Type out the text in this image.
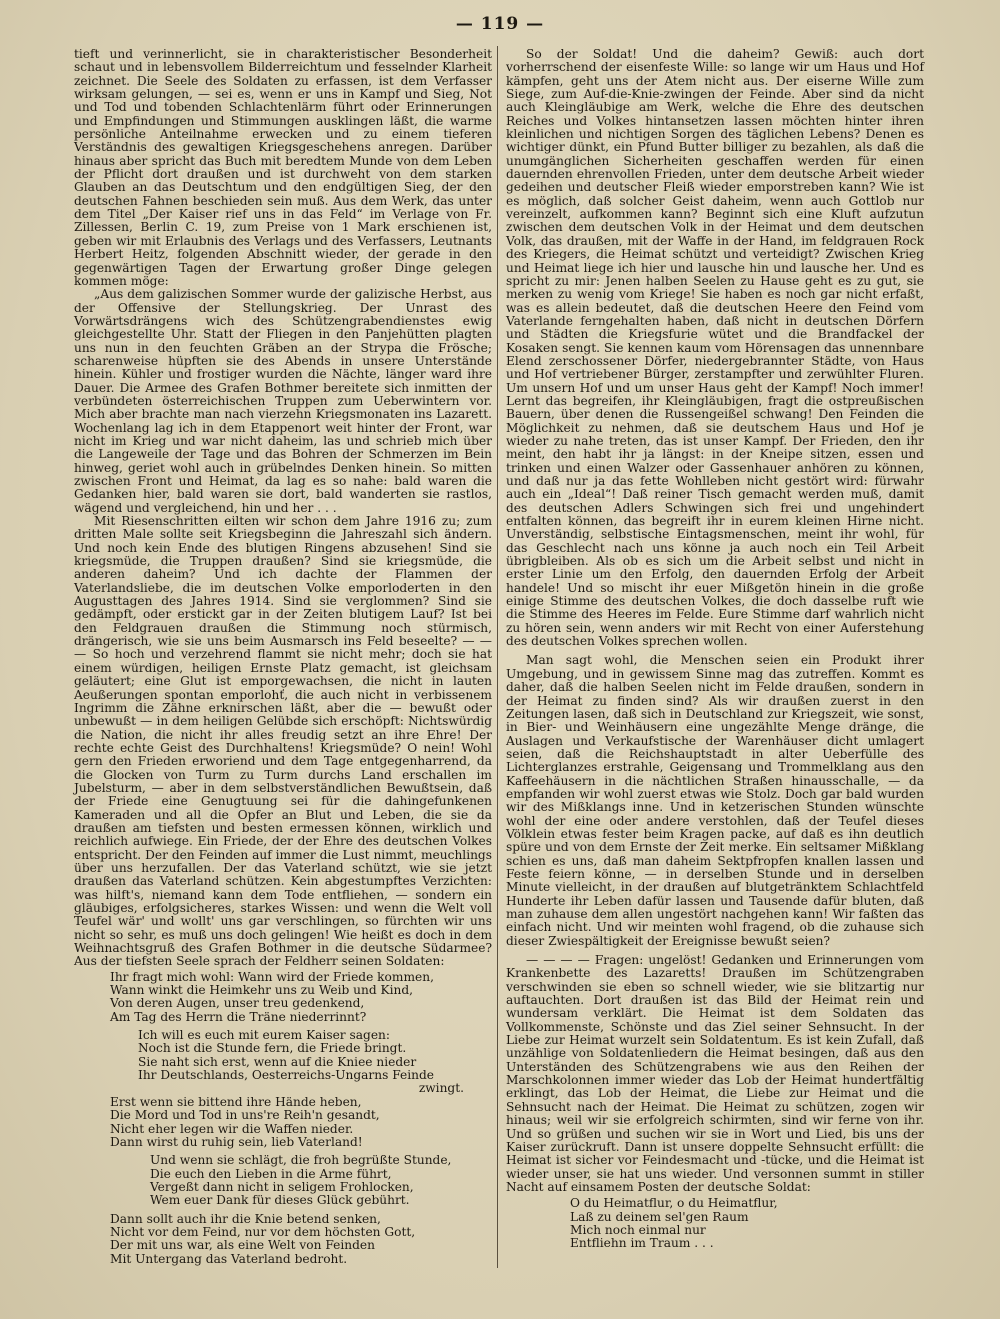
— 119 —

tieft und verinnerlicht, sie in charakteristischer Besonderheit schaut und in lebensvollem Bilderreichtum und fesselnder Klarheit zeichnet. Die Seele des Soldaten zu erfassen, ist dem Verfasser wirksam gelungen, — sei es, wenn er uns in Kampf und Sieg, Not und Tod und tobenden Schlachtenlärm führt oder Erinnerungen und Empfindungen und Stimmungen ausklingen läßt, die warme persönliche Anteilnahme erwecken und zu einem tieferen Verständnis des gewaltigen Kriegsgeschehens anregen. Darüber hinaus aber spricht das Buch mit beredtem Munde von dem Leben der Pflicht dort draußen und ist durchweht von dem starken Glauben an das Deutschtum und den endgültigen Sieg, der den deutschen Fahnen beschieden sein muß. Aus dem Werk, das unter dem Titel „Der Kaiser rief uns in das Feld“ im Verlage von Fr. Zillessen, Berlin C. 19, zum Preise von 1 Mark erschienen ist, geben wir mit Erlaubnis des Verlags und des Verfassers, Leutnants Herbert Heitz, folgenden Abschnitt wieder, der gerade in den gegenwärtigen Tagen der Erwartung großer Dinge gelegen kommen möge:

„Aus dem galizischen Sommer wurde der galizische Herbst, aus der Offensive der Stellungskrieg. Der Unrast des Vorwärtsdrängens wich des Schützengrabendienstes ewig gleichgestellte Uhr. Statt der Fliegen in den Panjehütten plagten uns nun in den feuchten Gräben an der Strypa die Frösche; scharenweise hüpften sie des Abends in unsere Unterstände hinein. Kühler und frostiger wurden die Nächte, länger ward ihre Dauer. Die Armee des Grafen Bothmer bereitete sich inmitten der verbündeten österreichischen Truppen zum Ueberwintern vor. Mich aber brachte man nach vierzehn Kriegsmonaten ins Lazarett. Wochenlang lag ich in dem Etappenort weit hinter der Front, war nicht im Krieg und war nicht daheim, las und schrieb mich über die Langeweile der Tage und das Bohren der Schmerzen im Bein hinweg, geriet wohl auch in grübelndes Denken hinein. So mitten zwischen Front und Heimat, da lag es so nahe: bald waren die Gedanken hier, bald waren sie dort, bald wanderten sie rastlos, wägend und vergleichend, hin und her . . .

Mit Riesenschritten eilten wir schon dem Jahre 1916 zu; zum dritten Male sollte seit Kriegsbeginn die Jahreszahl sich ändern. Und noch kein Ende des blutigen Ringens abzusehen! Sind sie kriegsmüde, die Truppen draußen? Sind sie kriegsmüde, die anderen daheim? Und ich dachte der Flammen der Vaterlandsliebe, die im deutschen Volke emporloderten in den Augusttagen des Jahres 1914. Sind sie verglommen? Sind sie gedämpft, oder erstickt gar in der Zeiten blutigem Lauf? Ist bei den Feldgrauen draußen die Stimmung noch stürmisch, drängerisch, wie sie uns beim Ausmarsch ins Feld beseelte? — — — So hoch und verzehrend flammt sie nicht mehr; doch sie hat einem würdigen, heiligen Ernste Platz gemacht, ist gleichsam geläutert; eine Glut ist emporgewachsen, die nicht in lauten Aeußerungen spontan emporlohť, die auch nicht in verbissenem Ingrimm die Zähne erknirschen läßt, aber die — bewußt oder unbewußt — in dem heiligen Gelübde sich erschöpft: Nichtswürdig die Nation, die nicht ihr alles freudig setzt an ihre Ehre! Der rechte echte Geist des Durchhaltens! Kriegsmüde? O nein! Wohl gern den Frieden erworiend und dem Tage entgegenharrend, da die Glocken von Turm zu Turm durchs Land erschallen im Jubelsturm, — aber in dem selbstverständlichen Bewußtsein, daß der Friede eine Genugtuung sei für die dahingefunkenen Kameraden und all die Opfer an Blut und Leben, die sie da draußen am tiefsten und besten ermessen können, wirklich und reichlich aufwiege. Ein Friede, der der Ehre des deutschen Volkes entspricht. Der den Feinden auf immer die Lust nimmt, meuchlings über uns herzufallen. Der das Vaterland schützt, wie sie jetzt draußen das Vaterland schützen. Kein abgestumpftes Verzichten: was hilft's, niemand kann dem Tode entfliehen, — sondern ein gläubiges, erfolgsicheres, starkes Wissen: und wenn die Welt voll Teufel wär' und wollt' uns gar verschlingen, so fürchten wir uns nicht so sehr, es muß uns doch gelingen! Wie heißt es doch in dem Weihnachtsgruß des Grafen Bothmer in die deutsche Südarmee? Aus der tiefsten Seele sprach der Feldherr seinen Soldaten:

Ihr fragt mich wohl: Wann wird der Friede kommen,
Wann winkt die Heimkehr uns zu Weib und Kind,
Von deren Augen, unser treu gedenkend,
Am Tag des Herrn die Träne niederrinnt?
Ich will es euch mit eurem Kaiser sagen:
Noch ist die Stunde fern, die Friede bringt.
Sie naht sich erst, wenn auf die Kniee nieder
Ihr Deutschlands, Oesterreichs-Ungarns Feinde
zwingt.
Erst wenn sie bittend ihre Hände heben,
Die Mord und Tod in uns're Reih'n gesandt,
Nicht eher legen wir die Waffen nieder.
Dann wirst du ruhig sein, lieb Vaterland!
Und wenn sie schlägt, die froh begrüßte Stunde,
Die euch den Lieben in die Arme führt,
Vergeßt dann nicht in seligem Frohlocken,
Wem euer Dank für dieses Glück gebührt.
Dann sollt auch ihr die Knie betend senken,
Nicht vor dem Feind, nur vor dem höchsten Gott,
Der mit uns war, als eine Welt von Feinden
Mit Untergang das Vaterland bedroht.

So der Soldat! Und die daheim? Gewiß: auch dort vorherrschend der eisenfeste Wille: so lange wir um Haus und Hof kämpfen, geht uns der Atem nicht aus. Der eiserne Wille zum Siege, zum Auf-die-Knie-zwingen der Feinde. Aber sind da nicht auch Kleingläubige am Werk, welche die Ehre des deutschen Reiches und Volkes hintansetzen lassen möchten hinter ihren kleinlichen und nichtigen Sorgen des täglichen Lebens? Denen es wichtiger dünkt, ein Pfund Butter billiger zu bezahlen, als daß die unumgänglichen Sicherheiten geschaffen werden für einen dauernden ehrenvollen Frieden, unter dem deutsche Arbeit wieder gedeihen und deutscher Fleiß wieder emporstreben kann? Wie ist es möglich, daß solcher Geist daheim, wenn auch Gottlob nur vereinzelt, aufkommen kann? Beginnt sich eine Kluft aufzutun zwischen dem deutschen Volk in der Heimat und dem deutschen Volk, das draußen, mit der Waffe in der Hand, im feldgrauen Rock des Kriegers, die Heimat schützt und verteidigt? Zwischen Krieg und Heimat liege ich hier und lausche hin und lausche her. Und es spricht zu mir: Jenen halben Seelen zu Hause geht es zu gut, sie merken zu wenig vom Kriege! Sie haben es noch gar nicht erfaßt, was es allein bedeutet, daß die deutschen Heere den Feind vom Vaterlande ferngehalten haben, daß nicht in deutschen Dörfern und Städten die Kriegsfurie wütet und die Brandfackel der Kosaken sengt. Sie kennen kaum vom Hörensagen das unnennbare Elend zerschossener Dörfer, niedergebrannter Städte, von Haus und Hof vertriebener Bürger, zerstampfter und zerwühlter Fluren. Um unsern Hof und um unser Haus geht der Kampf! Noch immer! Lernt das begreifen, ihr Kleingläubigen, fragt die ostpreußischen Bauern, über denen die Russengeißel schwang! Den Feinden die Möglichkeit zu nehmen, daß sie deutschem Haus und Hof je wieder zu nahe treten, das ist unser Kampf. Der Frieden, den ihr meint, den habt ihr ja längst: in der Kneipe sitzen, essen und trinken und einen Walzer oder Gassenhauer anhören zu können, und daß nur ja das fette Wohlleben nicht gestört wird: fürwahr auch ein „Ideal“! Daß reiner Tisch gemacht werden muß, damit des deutschen Adlers Schwingen sich frei und ungehindert entfalten können, das begreift ihr in eurem kleinen Hirne nicht. Unverständig, selbstische Eintagsmenschen, meint ihr wohl, für das Geschlecht nach uns könne ja auch noch ein Teil Arbeit übrigbleiben. Als ob es sich um die Arbeit selbst und nicht in erster Linie um den Erfolg, den dauernden Erfolg der Arbeit handele! Und so mischt ihr euer Mißgetön hinein in die große einige Stimme des deutschen Volkes, die doch dasselbe ruft wie die Stimme des Heeres im Felde. Eure Stimme darf wahrlich nicht zu hören sein, wenn anders wir mit Recht von einer Auferstehung des deutschen Volkes sprechen wollen.

Man sagt wohl, die Menschen seien ein Produkt ihrer Umgebung, und in gewissem Sinne mag das zutreffen. Kommt es daher, daß die halben Seelen nicht im Felde draußen, sondern in der Heimat zu finden sind? Als wir draußen zuerst in den Zeitungen lasen, daß sich in Deutschland zur Kriegszeit, wie sonst, in Bier- und Weinhäusern eine ungezählte Menge dränge, die Auslagen und Verkaufstische der Warenhäuser dicht umlagert seien, daß die Reichshauptstadt in alter Ueberfülle des Lichterglanzes erstrahle, Geigensang und Trommelklang aus den Kaffeehäusern in die nächtlichen Straßen hinausschalle, — da empfanden wir wohl zuerst etwas wie Stolz. Doch gar bald wurden wir des Mißklangs inne. Und in ketzerischen Stunden wünschte wohl der eine oder andere verstohlen, daß der Teufel dieses Völklein etwas fester beim Kragen packe, auf daß es ihn deutlich spüre und von dem Ernste der Zeit merke. Ein seltsamer Mißklang schien es uns, daß man daheim Sektpfropfen knallen lassen und Feste feiern könne, — in derselben Stunde und in derselben Minute vielleicht, in der draußen auf blutgetränktem Schlachtfeld Hunderte ihr Leben dafür lassen und Tausende dafür bluten, daß man zuhause dem allen ungestört nachgehen kann! Wir faßten das einfach nicht. Und wir meinten wohl fragend, ob die zuhause sich dieser Zwiespältigkeit der Ereignisse bewußt seien?

— — — — Fragen: ungelöst! Gedanken und Erinnerungen vom Krankenbette des Lazaretts! Draußen im Schützengraben verschwinden sie eben so schnell wieder, wie sie blitzartig nur auftauchten. Dort draußen ist das Bild der Heimat rein und wundersam verklärt. Die Heimat ist dem Soldaten das Vollkommenste, Schönste und das Ziel seiner Sehnsucht. In der Liebe zur Heimat wurzelt sein Soldatentum. Es ist kein Zufall, daß unzählige von Soldatenliedern die Heimat besingen, daß aus den Unterständen des Schützengrabens wie aus den Reihen der Marschkolonnen immer wieder das Lob der Heimat hundertfältig erklingt, das Lob der Heimat, die Liebe zur Heimat und die Sehnsucht nach der Heimat. Die Heimat zu schützen, zogen wir hinaus; weil wir sie erfolgreich schirmten, sind wir ferne von ihr. Und so grüßen und suchen wir sie in Wort und Lied, bis uns der Kaiser zurückruft. Dann ist unsere doppelte Sehnsucht erfüllt: die Heimat ist sicher vor Feindesmacht und -tücke, und die Heimat ist wieder unser, sie hat uns wieder. Und versonnen summt in stiller Nacht auf einsamem Posten der deutsche Soldat:

O du Heimatflur, o du Heimatflur,
Laß zu deinem sel'gen Raum
Mich noch einmal nur
Entfliehn im Traum . . .
